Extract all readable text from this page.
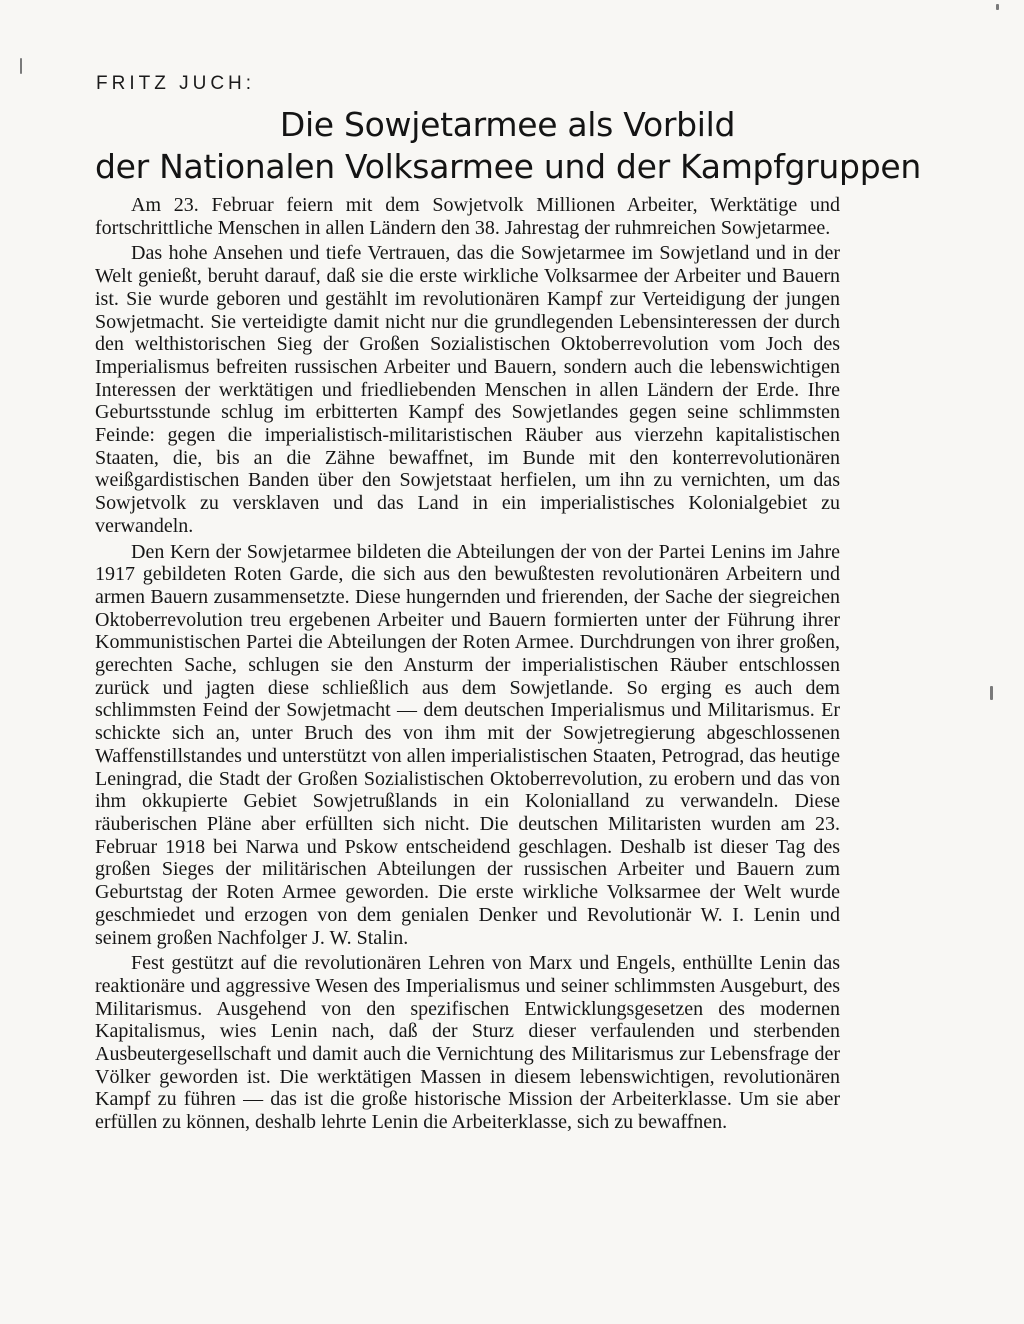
FRITZ JUCH:

Die Sowjetarmee als Vorbild
der Nationalen Volksarmee und der Kampfgruppen

Am 23. Februar feiern mit dem Sowjetvolk Millionen Arbeiter, Werktätige und fortschrittliche Menschen in allen Ländern den 38. Jahrestag der ruhmreichen Sowjetarmee.

Das hohe Ansehen und tiefe Vertrauen, das die Sowjetarmee im Sowjetland und in der Welt genießt, beruht darauf, daß sie die erste wirkliche Volksarmee der Arbeiter und Bauern ist. Sie wurde geboren und gestählt im revolutionären Kampf zur Verteidigung der jungen Sowjetmacht. Sie verteidigte damit nicht nur die grundlegenden Lebensinteressen der durch den welthistorischen Sieg der Großen Sozialistischen Oktoberrevolution vom Joch des Imperialismus befreiten russischen Arbeiter und Bauern, sondern auch die lebenswichtigen Interessen der werktätigen und friedliebenden Menschen in allen Ländern der Erde. Ihre Geburtsstunde schlug im erbitterten Kampf des Sowjetlandes gegen seine schlimmsten Feinde: gegen die imperialistisch-militaristischen Räuber aus vierzehn kapitalistischen Staaten, die, bis an die Zähne bewaffnet, im Bunde mit den konterrevolutionären weißgardistischen Banden über den Sowjetstaat herfielen, um ihn zu vernichten, um das Sowjetvolk zu versklaven und das Land in ein imperialistisches Kolonialgebiet zu verwandeln.

Den Kern der Sowjetarmee bildeten die Abteilungen der von der Partei Lenins im Jahre 1917 gebildeten Roten Garde, die sich aus den bewußtesten revolutionären Arbeitern und armen Bauern zusammensetzte. Diese hungernden und frierenden, der Sache der siegreichen Oktoberrevolution treu ergebenen Arbeiter und Bauern formierten unter der Führung ihrer Kommunistischen Partei die Abteilungen der Roten Armee. Durchdrungen von ihrer großen, gerechten Sache, schlugen sie den Ansturm der imperialistischen Räuber entschlossen zurück und jagten diese schließlich aus dem Sowjetlande. So erging es auch dem schlimmsten Feind der Sowjetmacht — dem deutschen Imperialismus und Militarismus. Er schickte sich an, unter Bruch des von ihm mit der Sowjetregierung abgeschlossenen Waffenstillstandes und unterstützt von allen imperialistischen Staaten, Petrograd, das heutige Leningrad, die Stadt der Großen Sozialistischen Oktoberrevolution, zu erobern und das von ihm okkupierte Gebiet Sowjetrußlands in ein Kolonialland zu verwandeln. Diese räuberischen Pläne aber erfüllten sich nicht. Die deutschen Militaristen wurden am 23. Februar 1918 bei Narwa und Pskow entscheidend geschlagen. Deshalb ist dieser Tag des großen Sieges der militärischen Abteilungen der russischen Arbeiter und Bauern zum Geburtstag der Roten Armee geworden. Die erste wirkliche Volksarmee der Welt wurde geschmiedet und erzogen von dem genialen Denker und Revolutionär W. I. Lenin und seinem großen Nachfolger J. W. Stalin.

Fest gestützt auf die revolutionären Lehren von Marx und Engels, enthüllte Lenin das reaktionäre und aggressive Wesen des Imperialismus und seiner schlimmsten Ausgeburt, des Militarismus. Ausgehend von den spezifischen Entwicklungsgesetzen des modernen Kapitalismus, wies Lenin nach, daß der Sturz dieser verfaulenden und sterbenden Ausbeutergesellschaft und damit auch die Vernichtung des Militarismus zur Lebensfrage der Völker geworden ist. Die werktätigen Massen in diesem lebenswichtigen, revolutionären Kampf zu führen — das ist die große historische Mission der Arbeiterklasse. Um sie aber erfüllen zu können, deshalb lehrte Lenin die Arbeiterklasse, sich zu bewaffnen.
